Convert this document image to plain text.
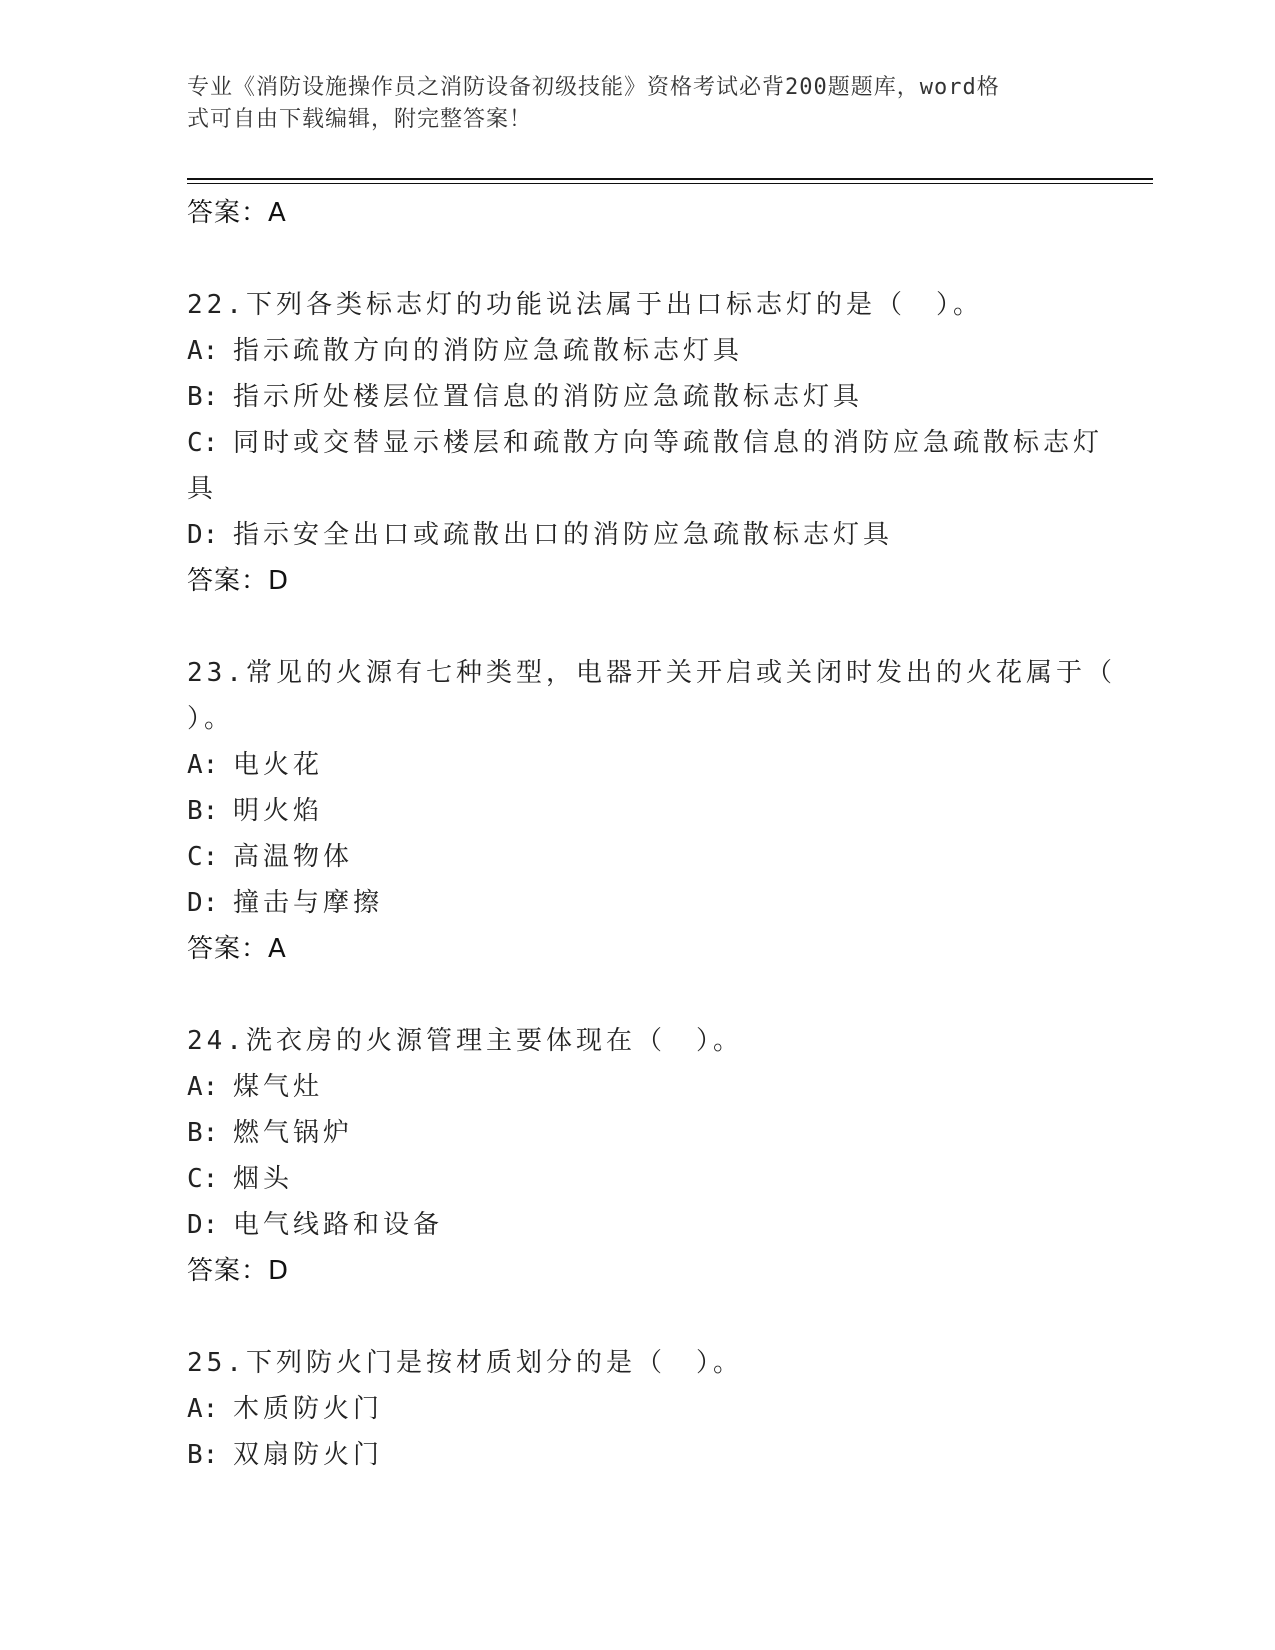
专业《消防设施操作员之消防设备初级技能》资格考试必背200题题库，word格
式可自由下载编辑，附完整答案！
答案：A
22.下列各类标志灯的功能说法属于出口标志灯的是（　）。
A: 指示疏散方向的消防应急疏散标志灯具
B: 指示所处楼层位置信息的消防应急疏散标志灯具
C: 同时或交替显示楼层和疏散方向等疏散信息的消防应急疏散标志灯
具
D: 指示安全出口或疏散出口的消防应急疏散标志灯具
答案：D
23.常见的火源有七种类型，电器开关开启或关闭时发出的火花属于（
）。
A: 电火花
B: 明火焰
C: 高温物体
D: 撞击与摩擦
答案：A
24.洗衣房的火源管理主要体现在（　）。
A: 煤气灶
B: 燃气锅炉
C: 烟头
D: 电气线路和设备
答案：D
25.下列防火门是按材质划分的是（　）。
A: 木质防火门
B: 双扇防火门
